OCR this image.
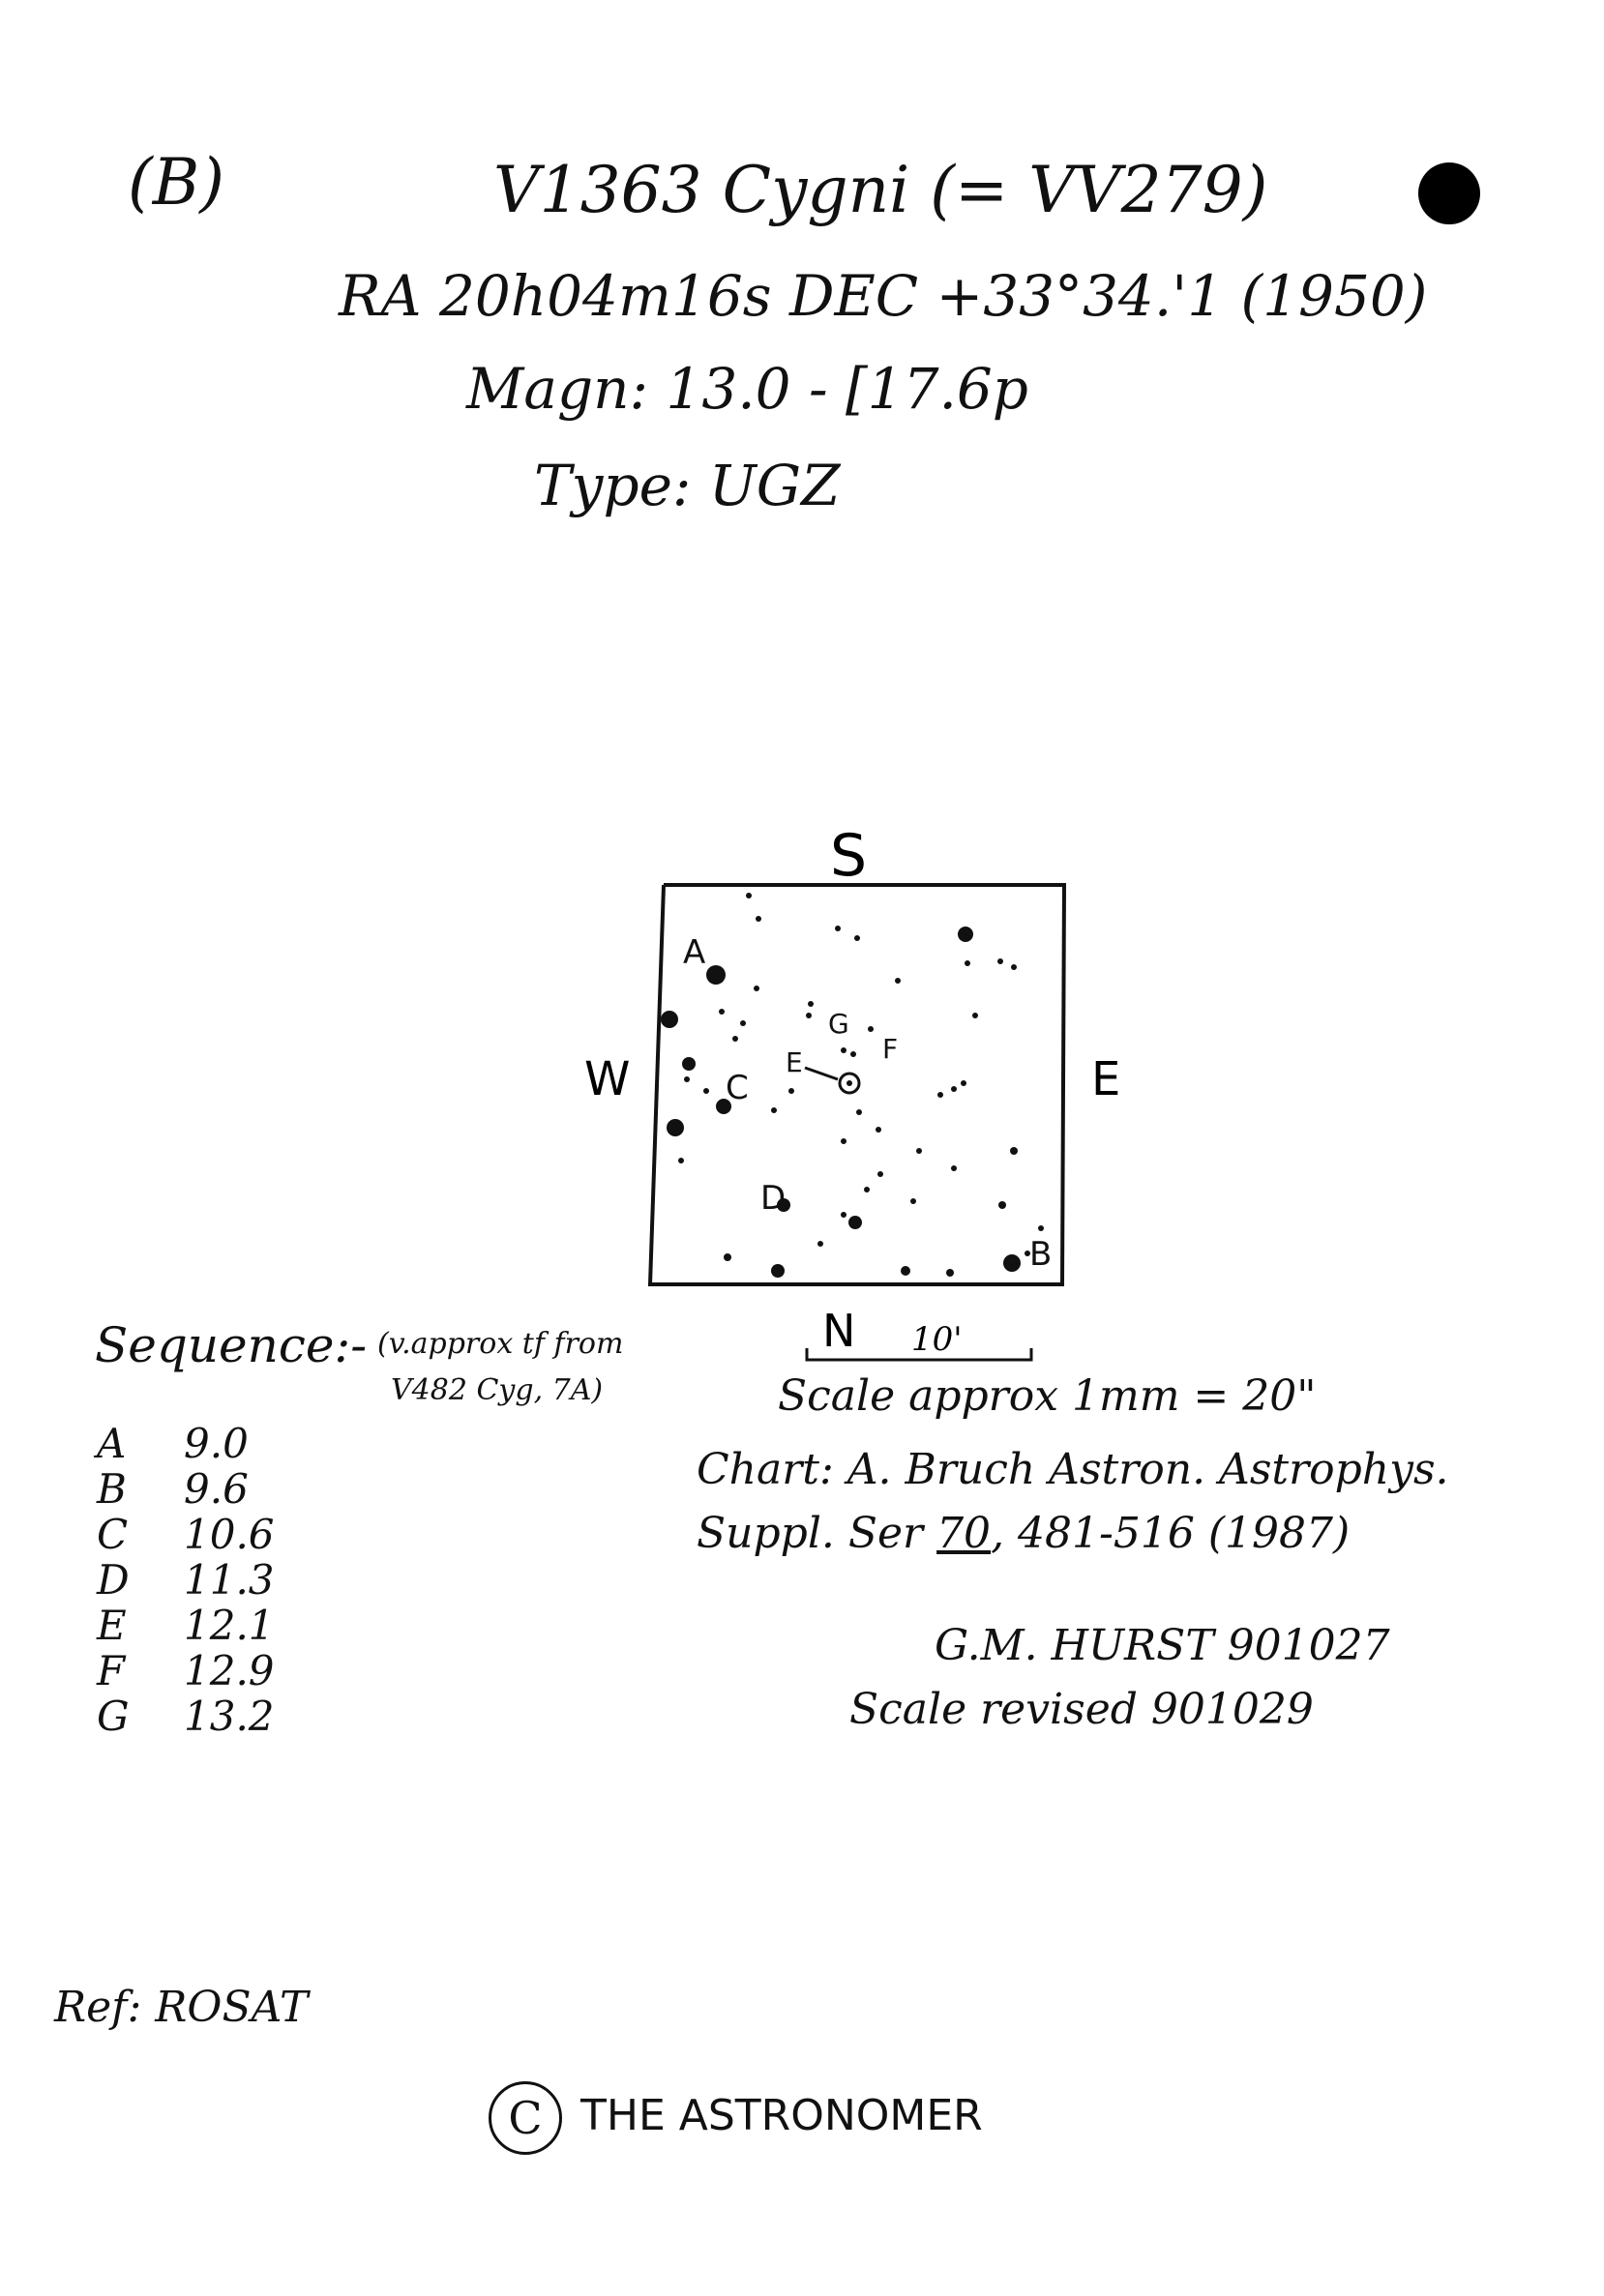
(B)	V1363 Cygni (= VV279)
RA 20h04m16s DEC +33°34.'1 (1950)
Magn: 13.0 - [17.6p
Type: UGZ
S
W	E
A
B
C
D
E	F
G
N 10'
Scale approx 1mm = 20"
Sequence:- (v.approx tf from
V482 Cyg, 7A)
A 9.0
B 9.6
C 10.6
D 11.3
E 12.1
F 12.9
G 13.2
Chart: A. Bruch Astron. Astrophys.
Suppl. Ser 70, 481-516 (1987)
G.M. HURST 901027
Scale revised 901029
Ref: ROSAT
C THE ASTRONOMER
